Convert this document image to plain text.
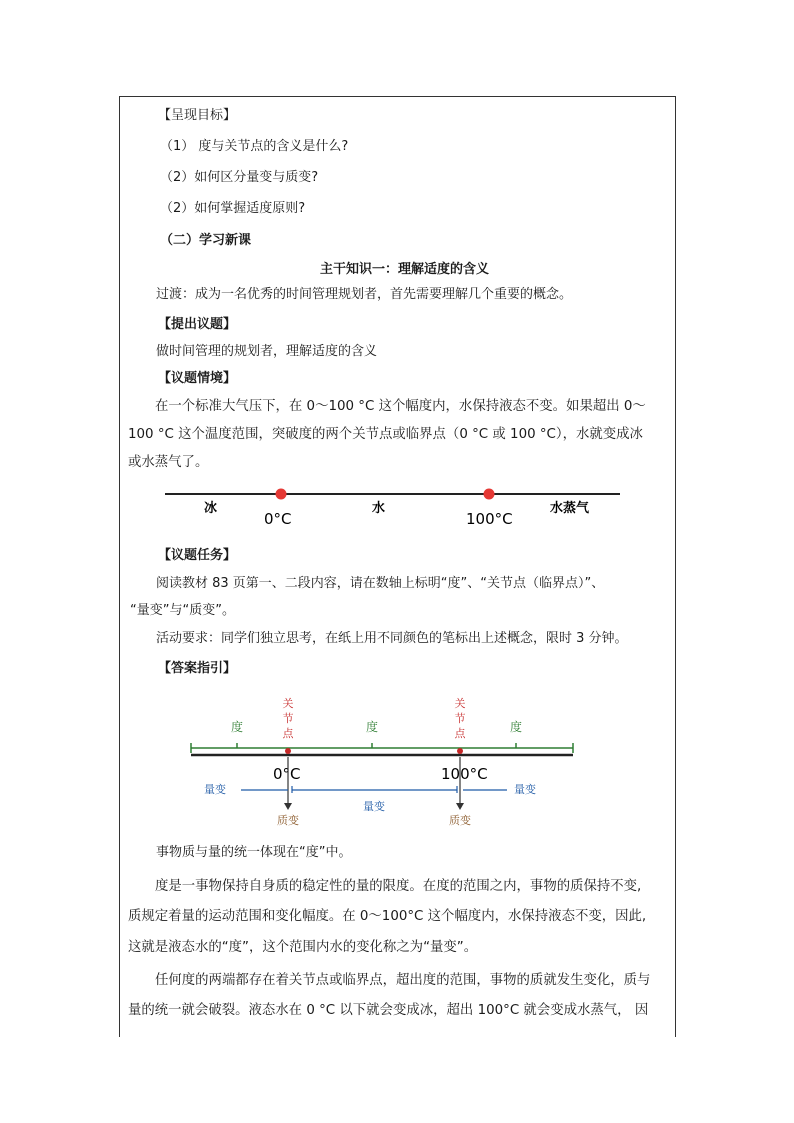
【呈现目标】
（1） 度与关节点的含义是什么?
（2）如何区分量变与质变?
（2）如何掌握适度原则?
（二）学习新课
主干知识一：理解适度的含义
过渡：成为一名优秀的时间管理规划者，首先需要理解几个重要的概念。
【提出议题】
做时间管理的规划者，理解适度的含义
【议题情境】
在一个标准大气压下，在 0～100 °C 这个幅度内，水保持液态不变。如果超出 0～
100 °C 这个温度范围，突破度的两个关节点或临界点（0 °C 或 100 °C），水就变成冰
或水蒸气了。
冰	水	水蒸气
0°C	100°C
【议题任务】
阅读教材 83 页第一、二段内容，请在数轴上标明“度”、“关节点（临界点）”、
“量变”与“质变”。
活动要求：同学们独立思考，在纸上用不同颜色的笔标出上述概念，限时 3 分钟。
【答案指引】
关节点
关节点
度	度	度
0°C	100°C
量变
量变
量变
质变	质变
事物质与量的统一体现在“度”中。
度是一事物保持自身质的稳定性的量的限度。在度的范围之内，事物的质保持不变,
质规定着量的运动范围和变化幅度。在 0～100°C 这个幅度内，水保持液态不变，因此,
这就是液态水的“度”，这个范围内水的变化称之为“量变”。
任何度的两端都存在着关节点或临界点，超出度的范围，事物的质就发生变化，质与
量的统一就会破裂。液态水在 0 °C 以下就会变成冰，超出 100°C 就会变成水蒸气， 因
